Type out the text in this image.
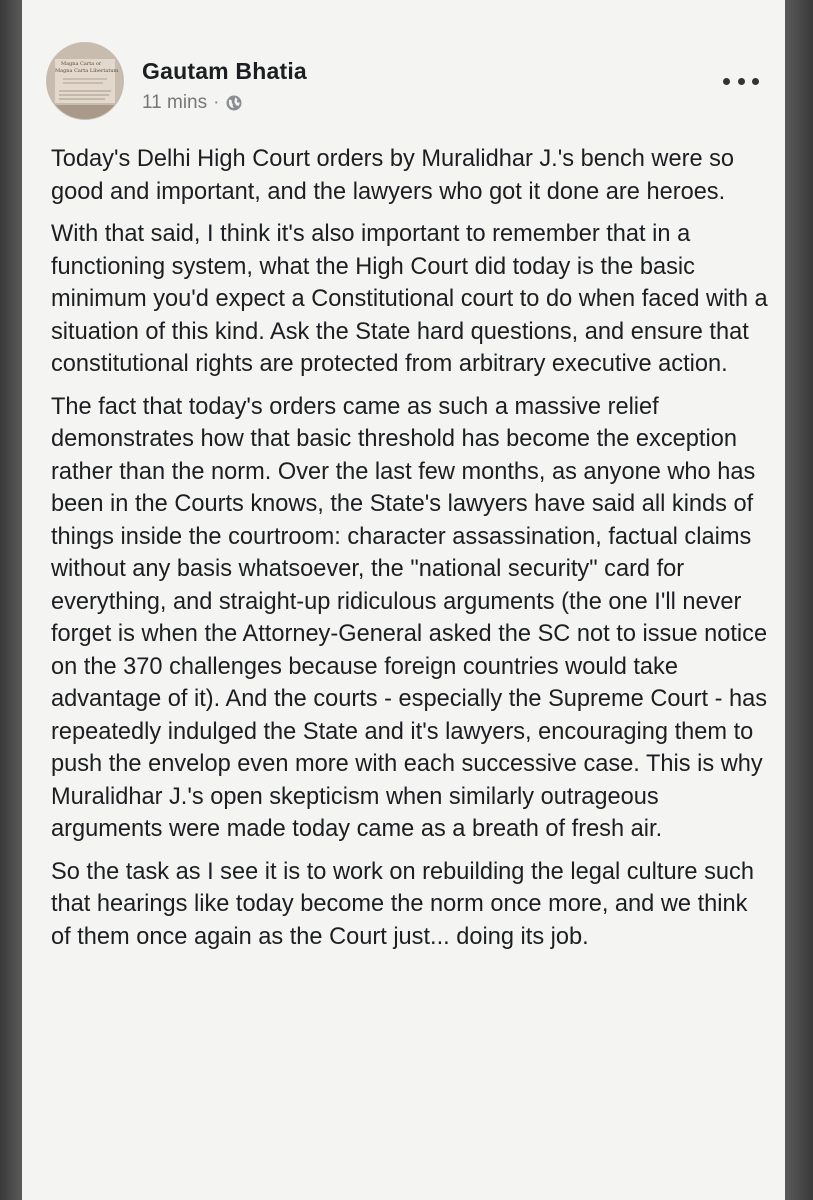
Magna Carta or
Magna Carta Libertatum Gautam Bhatia
11 mins ·

Today's Delhi High Court orders by Muralidhar J.'s bench were so good and important, and the lawyers who got it done are heroes.

With that said, I think it's also important to remember that in a functioning system, what the High Court did today is the basic minimum you'd expect a Constitutional court to do when faced with a situation of this kind. Ask the State hard questions, and ensure that constitutional rights are protected from arbitrary executive action.

The fact that today's orders came as such a massive relief demonstrates how that basic threshold has become the exception rather than the norm. Over the last few months, as anyone who has been in the Courts knows, the State's lawyers have said all kinds of things inside the courtroom: character assassination, factual claims without any basis whatsoever, the "national security" card for everything, and straight-up ridiculous arguments (the one I'll never forget is when the Attorney-General asked the SC not to issue notice on the 370 challenges because foreign countries would take advantage of it). And the courts - especially the Supreme Court - has repeatedly indulged the State and it's lawyers, encouraging them to push the envelop even more with each successive case. This is why Muralidhar J.'s open skepticism when similarly outrageous arguments were made today came as a breath of fresh air.

So the task as I see it is to work on rebuilding the legal culture such that hearings like today become the norm once more, and we think of them once again as the Court just... doing its job.
